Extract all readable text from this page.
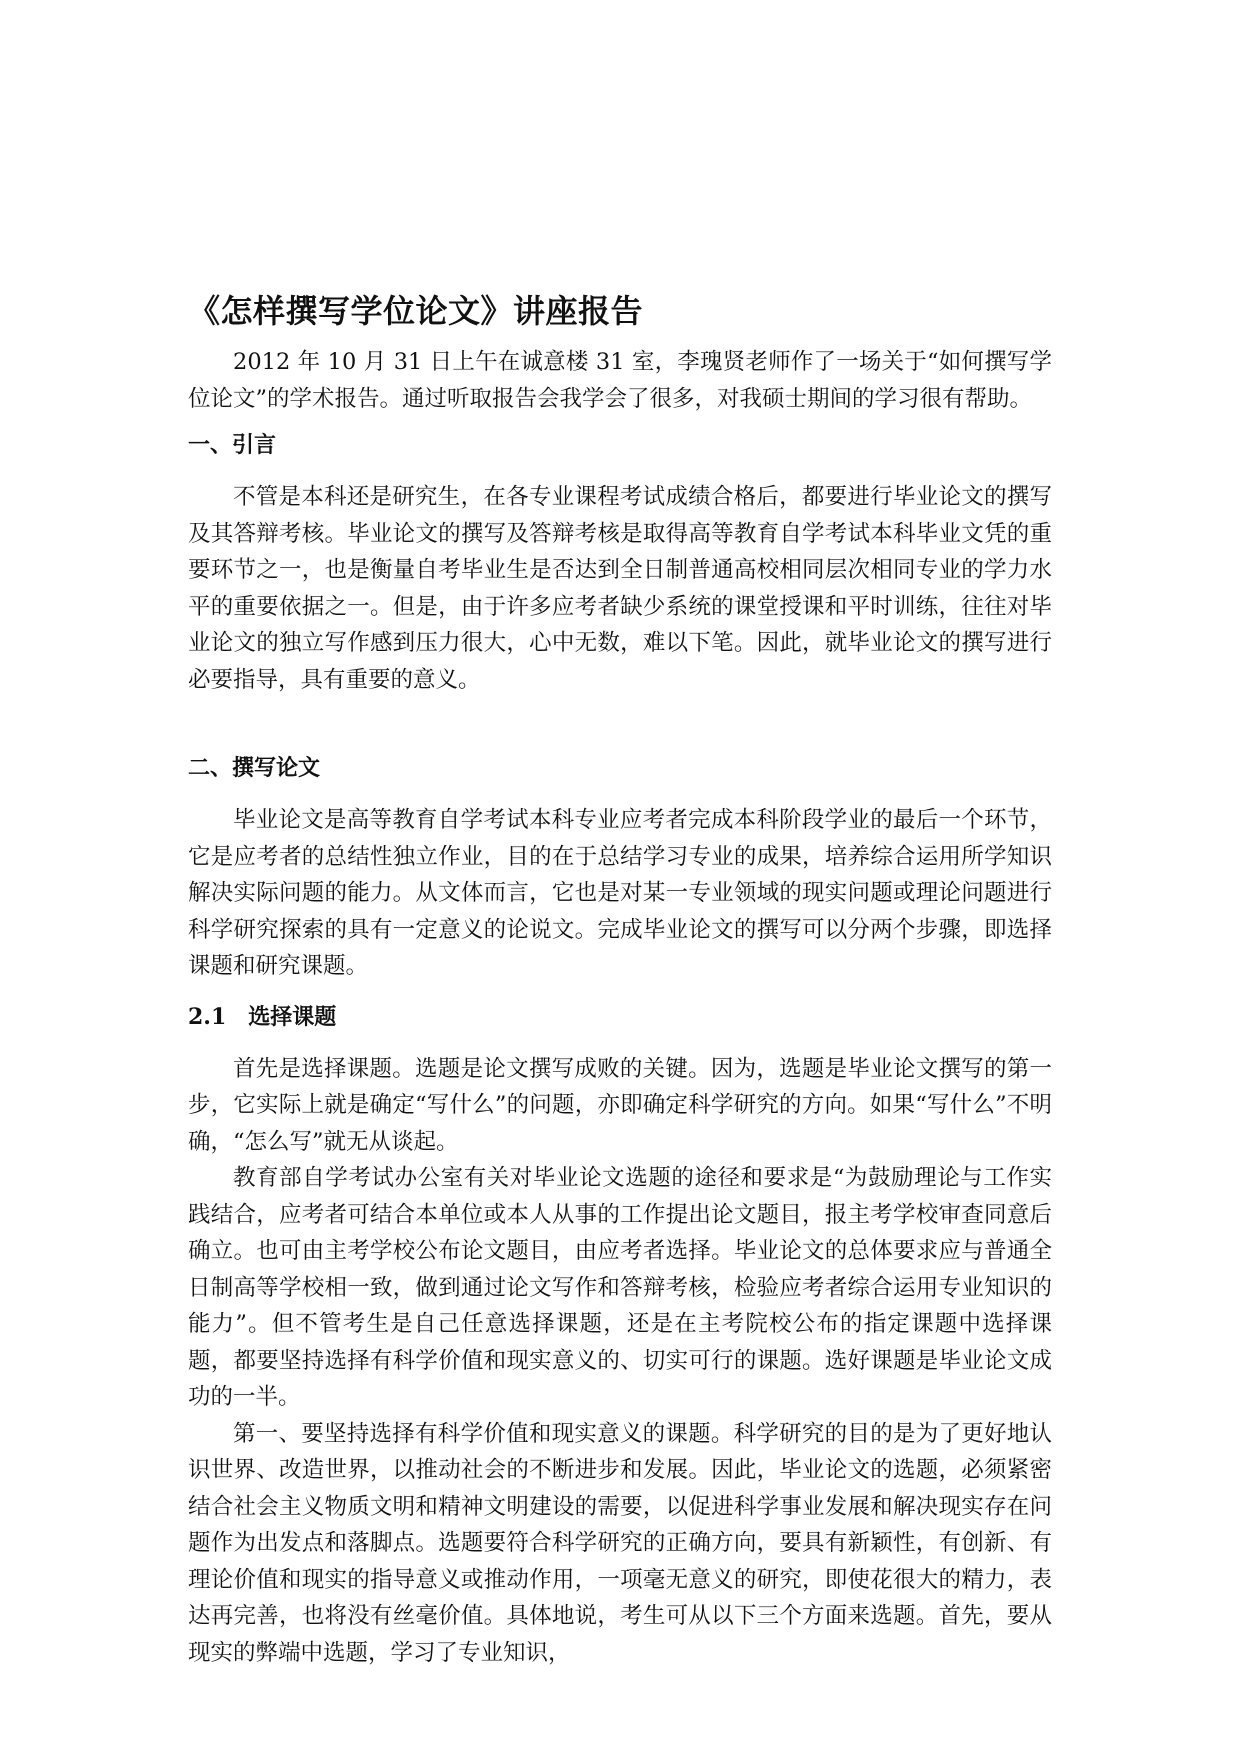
《怎样撰写学位论文》讲座报告

2012 年 10 月 31 日上午在诚意楼 31 室，李瑰贤老师作了一场关于“如何撰写学位论文”的学术报告。通过听取报告会我学会了很多，对我硕士期间的学习很有帮助。

一、引言

不管是本科还是研究生，在各专业课程考试成绩合格后，都要进行毕业论文的撰写及其答辩考核。毕业论文的撰写及答辩考核是取得高等教育自学考试本科毕业文凭的重要环节之一，也是衡量自考毕业生是否达到全日制普通高校相同层次相同专业的学力水平的重要依据之一。但是，由于许多应考者缺少系统的课堂授课和平时训练，往往对毕业论文的独立写作感到压力很大，心中无数，难以下笔。因此，就毕业论文的撰写进行必要指导，具有重要的意义。

二、撰写论文

毕业论文是高等教育自学考试本科专业应考者完成本科阶段学业的最后一个环节，它是应考者的总结性独立作业，目的在于总结学习专业的成果，培养综合运用所学知识解决实际问题的能力。从文体而言，它也是对某一专业领域的现实问题或理论问题进行科学研究探索的具有一定意义的论说文。完成毕业论文的撰写可以分两个步骤，即选择课题和研究课题。

2.1　选择课题

首先是选择课题。选题是论文撰写成败的关键。因为，选题是毕业论文撰写的第一步，它实际上就是确定“写什么”的问题，亦即确定科学研究的方向。如果“写什么”不明确，“怎么写”就无从谈起。

教育部自学考试办公室有关对毕业论文选题的途径和要求是“为鼓励理论与工作实践结合，应考者可结合本单位或本人从事的工作提出论文题目，报主考学校审查同意后确立。也可由主考学校公布论文题目，由应考者选择。毕业论文的总体要求应与普通全日制高等学校相一致，做到通过论文写作和答辩考核，检验应考者综合运用专业知识的能力”。但不管考生是自己任意选择课题，还是在主考院校公布的指定课题中选择课题，都要坚持选择有科学价值和现实意义的、切实可行的课题。选好课题是毕业论文成功的一半。

第一、要坚持选择有科学价值和现实意义的课题。科学研究的目的是为了更好地认识世界、改造世界，以推动社会的不断进步和发展。因此，毕业论文的选题，必须紧密结合社会主义物质文明和精神文明建设的需要，以促进科学事业发展和解决现实存在问题作为出发点和落脚点。选题要符合科学研究的正确方向，要具有新颖性，有创新、有理论价值和现实的指导意义或推动作用，一项毫无意义的研究，即使花很大的精力，表达再完善，也将没有丝毫价值。具体地说，考生可从以下三个方面来选题。首先，要从现实的弊端中选题，学习了专业知识，
